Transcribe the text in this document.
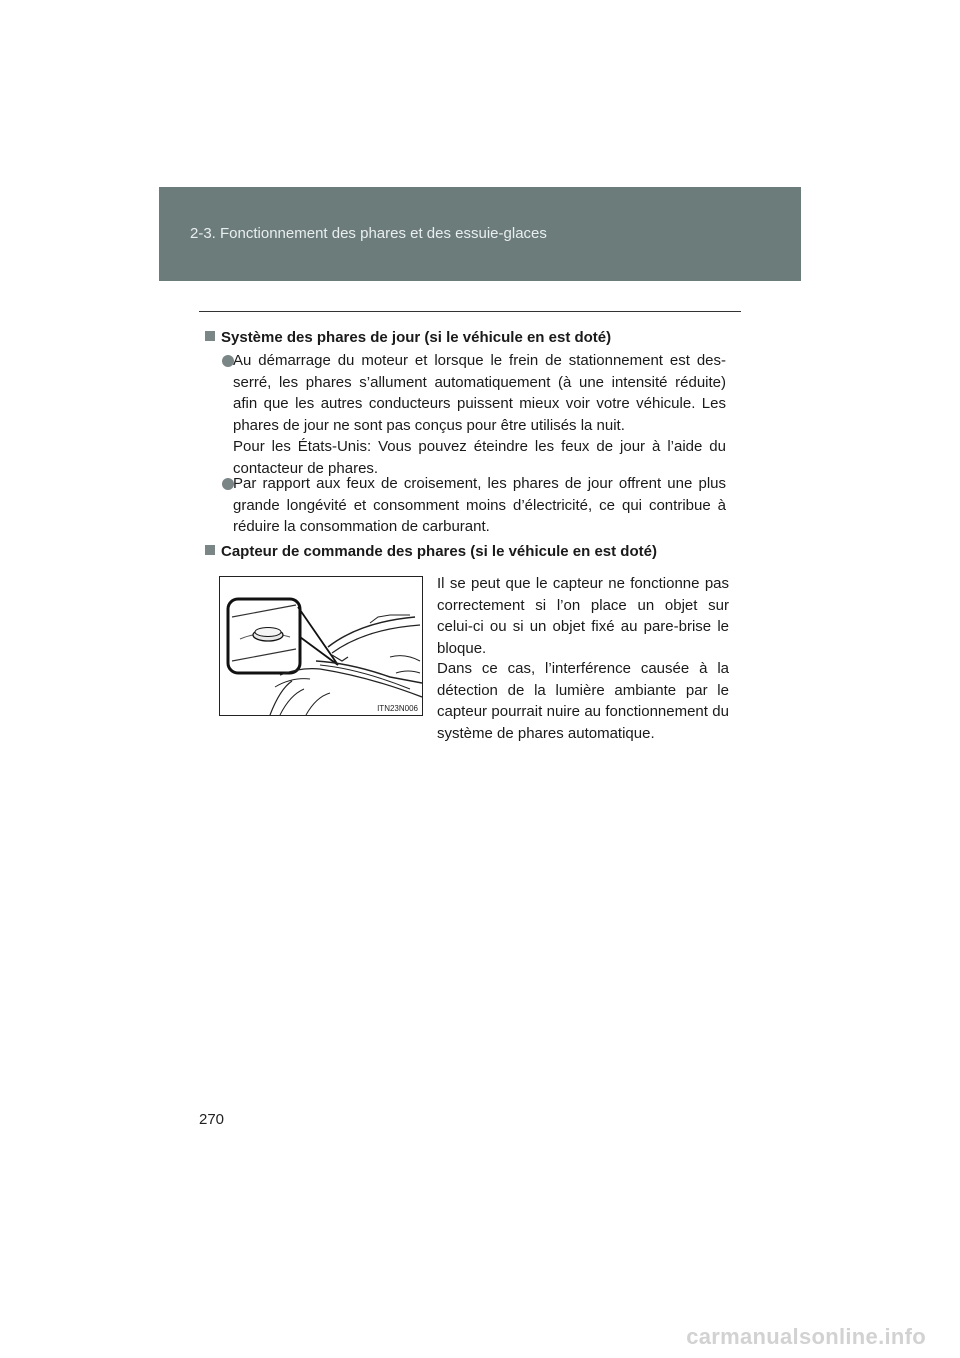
2-3. Fonctionnement des phares et des essuie-glaces
Système des phares de jour (si le véhicule en est doté)
Au démarrage du moteur et lorsque le frein de stationnement est des-serré, les phares s’allument automatiquement (à une intensité réduite) afin que les autres conducteurs puissent mieux voir votre véhicule. Les phares de jour ne sont pas conçus pour être utilisés la nuit.
Pour les États-Unis: Vous pouvez éteindre les feux de jour à l’aide du contacteur de phares.
Par rapport aux feux de croisement, les phares de jour offrent une plus grande longévité et consomment moins d’électricité, ce qui contribue à réduire la consommation de carburant.
Capteur de commande des phares (si le véhicule en est doté)
ITN23N006
Il se peut que le capteur ne fonctionne pas correctement si l’on place un objet sur celui-ci ou si un objet fixé au pare-brise le bloque.
Dans ce cas, l’interférence causée à la détection de la lumière ambiante par le capteur pourrait nuire au fonctionnement du système de phares automatique.
270
carmanualsonline.info
